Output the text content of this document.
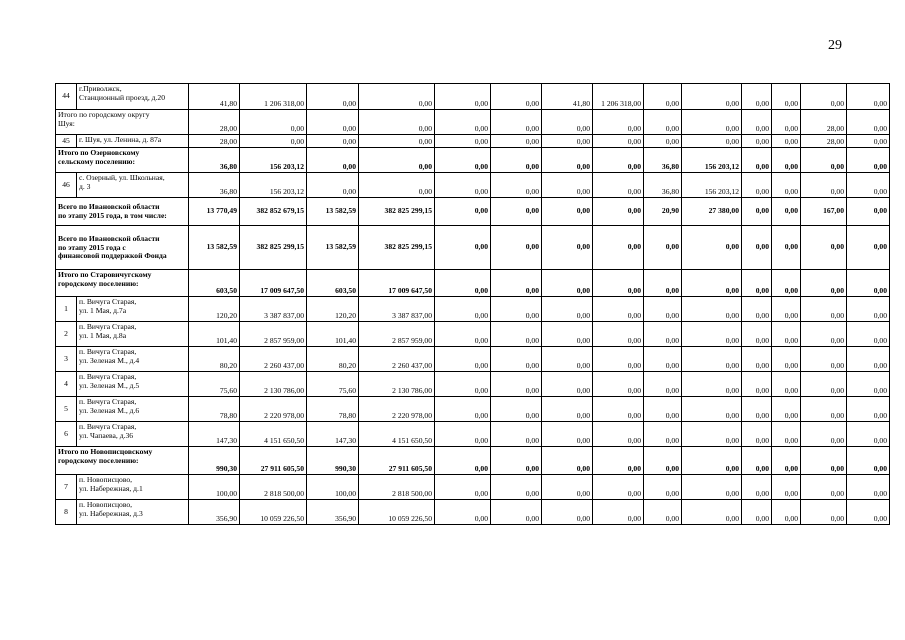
29
44	г.Приволжск,
Станционный проезд, д.20	41,80	1 206 318,00	0,00	0,00	0,00	0,00	41,80	1 206 318,00	0,00	0,00	0,00	0,00	0,00	0,00
Итого по городскому округу
Шуя:		28,00	0,00	0,00	0,00	0,00	0,00	0,00	0,00	0,00	0,00	0,00	0,00	28,00	0,00
45	г. Шуя, ул. Ленина, д. 87а	28,00	0,00	0,00	0,00	0,00	0,00	0,00	0,00	0,00	0,00	0,00	0,00	28,00	0,00
Итого по Озерновскому
сельскому поселению:		36,80	156 203,12	0,00	0,00	0,00	0,00	0,00	0,00	36,80	156 203,12	0,00	0,00	0,00	0,00
46	с. Озерный, ул. Школьная,
д. 3	36,80	156 203,12	0,00	0,00	0,00	0,00	0,00	0,00	36,80	156 203,12	0,00	0,00	0,00	0,00
Всего по Ивановской области
по этапу 2015 года, в том числе:		13 770,49	382 852 679,15	13 582,59	382 825 299,15	0,00	0,00	0,00	0,00	20,90	27 380,00	0,00	0,00	167,00	0,00
Всего по Ивановской области
по этапу 2015 года с
финансовой поддержкой Фонда		13 582,59	382 825 299,15	13 582,59	382 825 299,15	0,00	0,00	0,00	0,00	0,00	0,00	0,00	0,00	0,00	0,00
Итого по Старовичугскому
городскому поселению:		603,50	17 009 647,50	603,50	17 009 647,50	0,00	0,00	0,00	0,00	0,00	0,00	0,00	0,00	0,00	0,00
1	п. Вичуга Старая,
ул. 1 Мая, д.7а	120,20	3 387 837,00	120,20	3 387 837,00	0,00	0,00	0,00	0,00	0,00	0,00	0,00	0,00	0,00	0,00
2	п. Вичуга Старая,
ул. 1 Мая, д.8а	101,40	2 857 959,00	101,40	2 857 959,00	0,00	0,00	0,00	0,00	0,00	0,00	0,00	0,00	0,00	0,00
3	п. Вичуга Старая,
ул. Зеленая М., д.4	80,20	2 260 437,00	80,20	2 260 437,00	0,00	0,00	0,00	0,00	0,00	0,00	0,00	0,00	0,00	0,00
4	п. Вичуга Старая,
ул. Зеленая М., д.5	75,60	2 130 786,00	75,60	2 130 786,00	0,00	0,00	0,00	0,00	0,00	0,00	0,00	0,00	0,00	0,00
5	п. Вичуга Старая,
ул. Зеленая М., д.6	78,80	2 220 978,00	78,80	2 220 978,00	0,00	0,00	0,00	0,00	0,00	0,00	0,00	0,00	0,00	0,00
6	п. Вичуга Старая,
ул. Чапаева, д.36	147,30	4 151 650,50	147,30	4 151 650,50	0,00	0,00	0,00	0,00	0,00	0,00	0,00	0,00	0,00	0,00
Итого по Новописцовскому
городскому поселению:		990,30	27 911 605,50	990,30	27 911 605,50	0,00	0,00	0,00	0,00	0,00	0,00	0,00	0,00	0,00	0,00
7	п. Новописцово,
ул. Набережная, д.1	100,00	2 818 500,00	100,00	2 818 500,00	0,00	0,00	0,00	0,00	0,00	0,00	0,00	0,00	0,00	0,00
8	п. Новописцово,
ул. Набережная, д.3	356,90	10 059 226,50	356,90	10 059 226,50	0,00	0,00	0,00	0,00	0,00	0,00	0,00	0,00	0,00	0,00
